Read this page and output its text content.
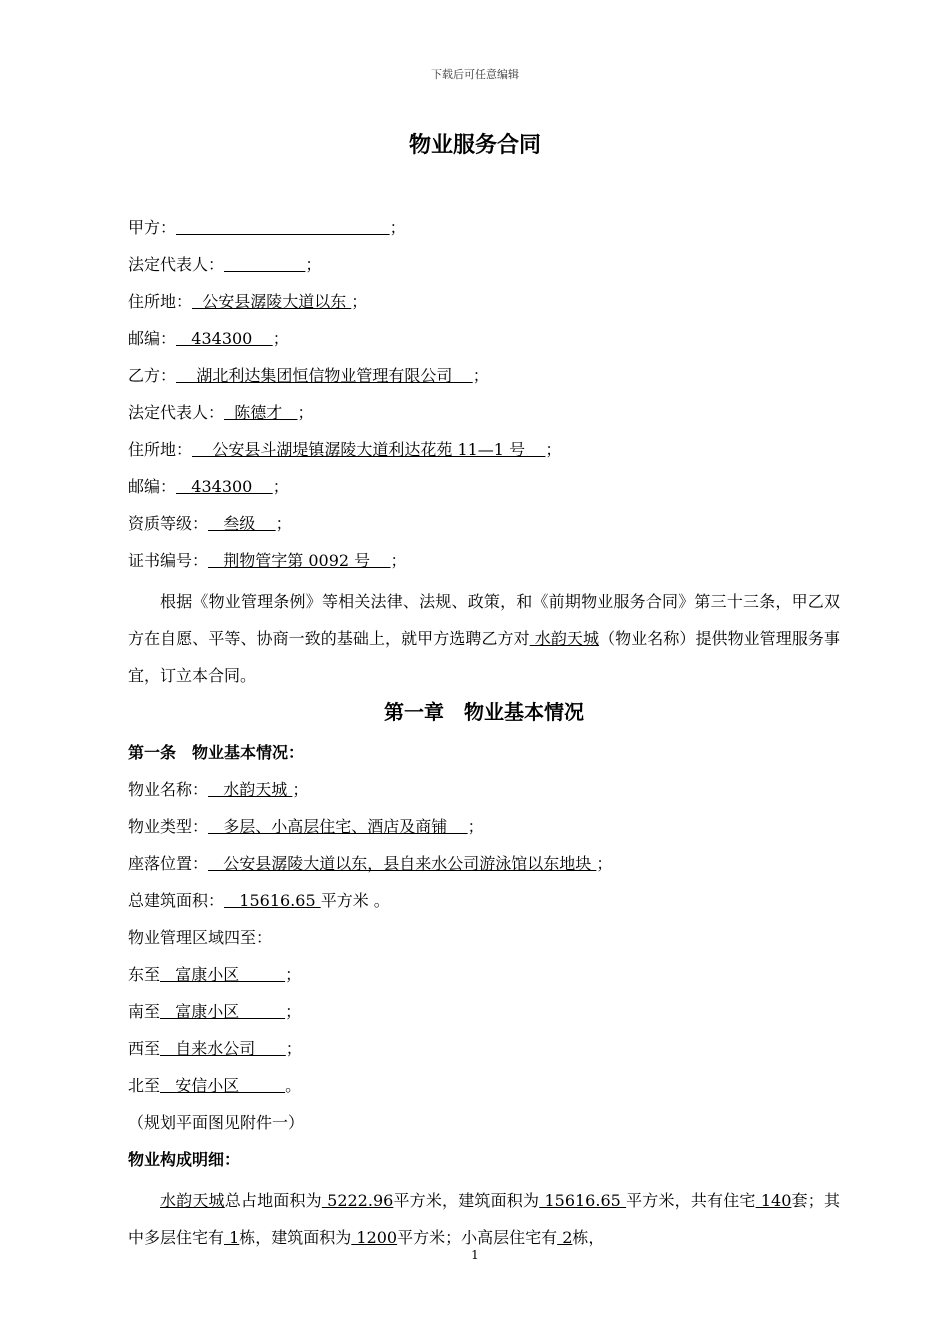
下载后可任意编辑
物业服务合同
甲方：	；
法定代表人：	；
住所地：  公安县潺陵大道以东 ；
邮编：   434300    ；
乙方：    湖北利达集团恒信物业管理有限公司    ；
法定代表人：  陈德才   ；
住所地：    公安县斗湖堤镇潺陵大道利达花苑 11—1 号    ；
邮编：   434300    ；
资质等级：   叁级    ；
证书编号：   荆物管字第 0092 号    ；
根据《物业管理条例》等相关法律、法规、政策，和《前期物业服务合同》第三十三条，甲乙双方在自愿、平等、协商一致的基础上，就甲方选聘乙方对 水韵天城（物业名称）提供物业管理服务事宜，订立本合同。
第一章　物业基本情况
第一条　物业基本情况：
物业名称：   水韵天城 ；
物业类型：   多层、小高层住宅、酒店及商铺    ；
座落位置：   公安县潺陵大道以东，县自来水公司游泳馆以东地块 ；
总建筑面积：   15616.65 平方米 。
物业管理区域四至：
东至   富康小区         ；
南至   富康小区         ；
西至   自来水公司      ；
北至   安信小区         。
（规划平面图见附件一）
物业构成明细：
水韵天城总占地面积为 5222.96平方米，建筑面积为 15616.65 平方米，共有住宅 140套；其中多层住宅有 1栋，建筑面积为 1200平方米；小高层住宅有 2栋，
1
